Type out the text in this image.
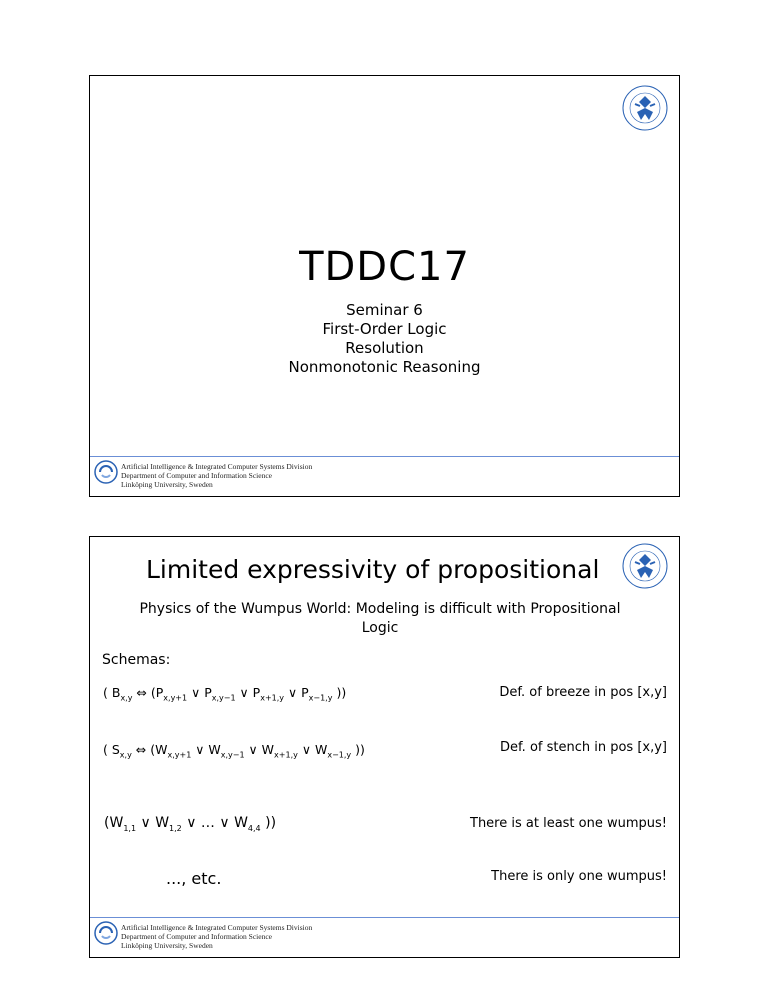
TDDC17
Seminar 6
First-Order Logic
Resolution
Nonmonotonic Reasoning
Artificial Intelligence & Integrated Computer Systems Division
Department of Computer and Information Science
Linköping University, Sweden
Limited expressivity of propositional
Physics of the Wumpus World: Modeling is difficult with Propositional Logic
Schemas:
( $B_{x,y}$ ⇔ ($P_{x,y+1}$ ∨ $P_{x,y-1}$ ∨ $P_{x+1,y}$ ∨ $P_{x-1,y}$ ))	Def. of breeze in pos [x,y]
( $S_{x,y}$ ⇔ ($W_{x,y+1}$ ∨ $W_{x,y-1}$ ∨ $W_{x+1,y}$ ∨ $W_{x-1,y}$ ))	Def. of stench in pos [x,y]
($W_{1,1}$ ∨ $W_{1,2}$ ∨ … ∨ $W_{4,4}$ ))	There is at least one wumpus!
..., etc.	There is only one wumpus!
Artificial Intelligence & Integrated Computer Systems Division
Department of Computer and Information Science
Linköping University, Sweden
